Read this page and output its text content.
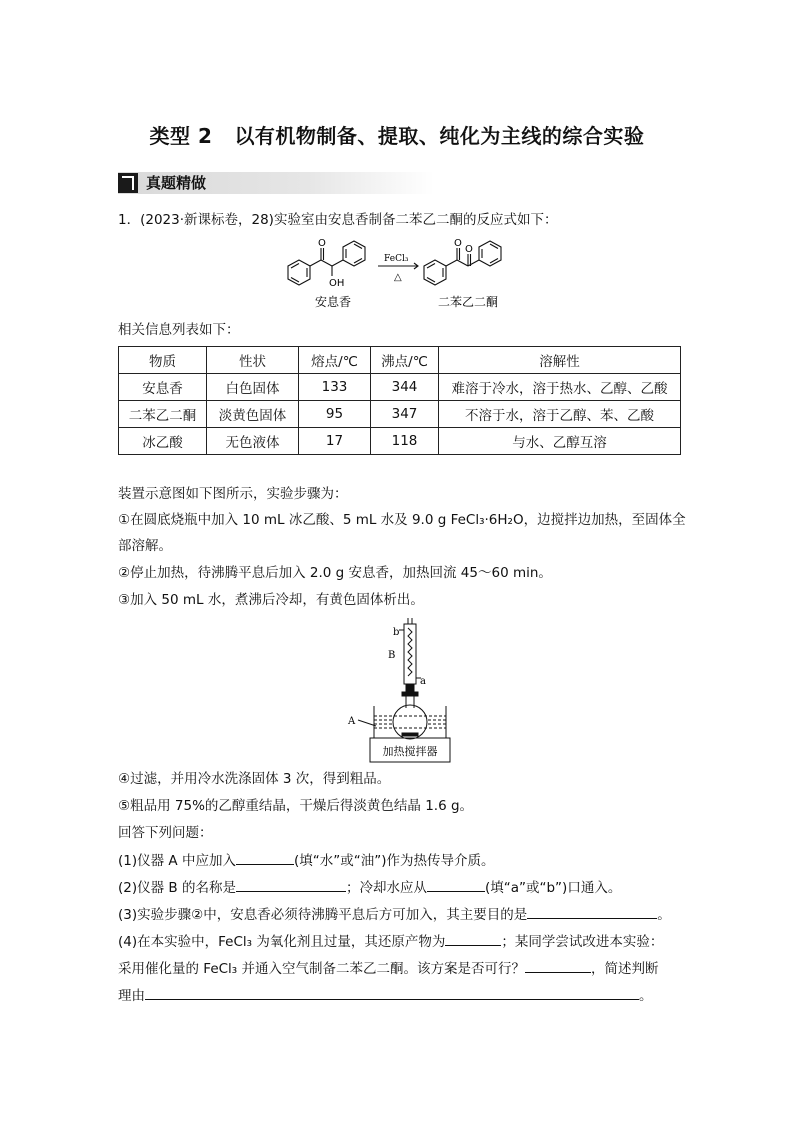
类型 2 以有机物制备、提取、纯化为主线的综合实验
真题精做
1．(2023·新课标卷，28)实验室由安息香制备二苯乙二酮的反应式如下：
O
OH
O
O
FeCl₃
△
安息香	二苯乙二酮
相关信息列表如下：
物质	性状	熔点/℃	沸点/℃	溶解性
安息香	白色固体	133	344	难溶于冷水，溶于热水、乙醇、乙酸
二苯乙二酮	淡黄色固体	95	347	不溶于水，溶于乙醇、苯、乙酸
冰乙酸	无色液体	17	118	与水、乙醇互溶
装置示意图如下图所示，实验步骤为：
①在圆底烧瓶中加入 10 mL 冰乙酸、5 mL 水及 9.0 g FeCl₃·6H₂O，边搅拌边加热，至固体全
部溶解。
②停止加热，待沸腾平息后加入 2.0 g 安息香，加热回流 45～60 min。
③加入 50 mL 水，煮沸后冷却，有黄色固体析出。
b
B
a
A
加热搅拌器
④过滤，并用冷水洗涤固体 3 次，得到粗品。
⑤粗品用 75%的乙醇重结晶，干燥后得淡黄色结晶 1.6 g。
回答下列问题：
(1)仪器 A 中应加入	(填“水”或“油”)作为热传导介质。
(2)仪器 B 的名称是	；冷却水应从	(填“a”或“b”)口通入。
(3)实验步骤②中，安息香必须待沸腾平息后方可加入，其主要目的是	。
(4)在本实验中，FeCl₃ 为氧化剂且过量，其还原产物为	；某同学尝试改进本实验：
采用催化量的 FeCl₃ 并通入空气制备二苯乙二酮。该方案是否可行？	，简述判断
理由	。
